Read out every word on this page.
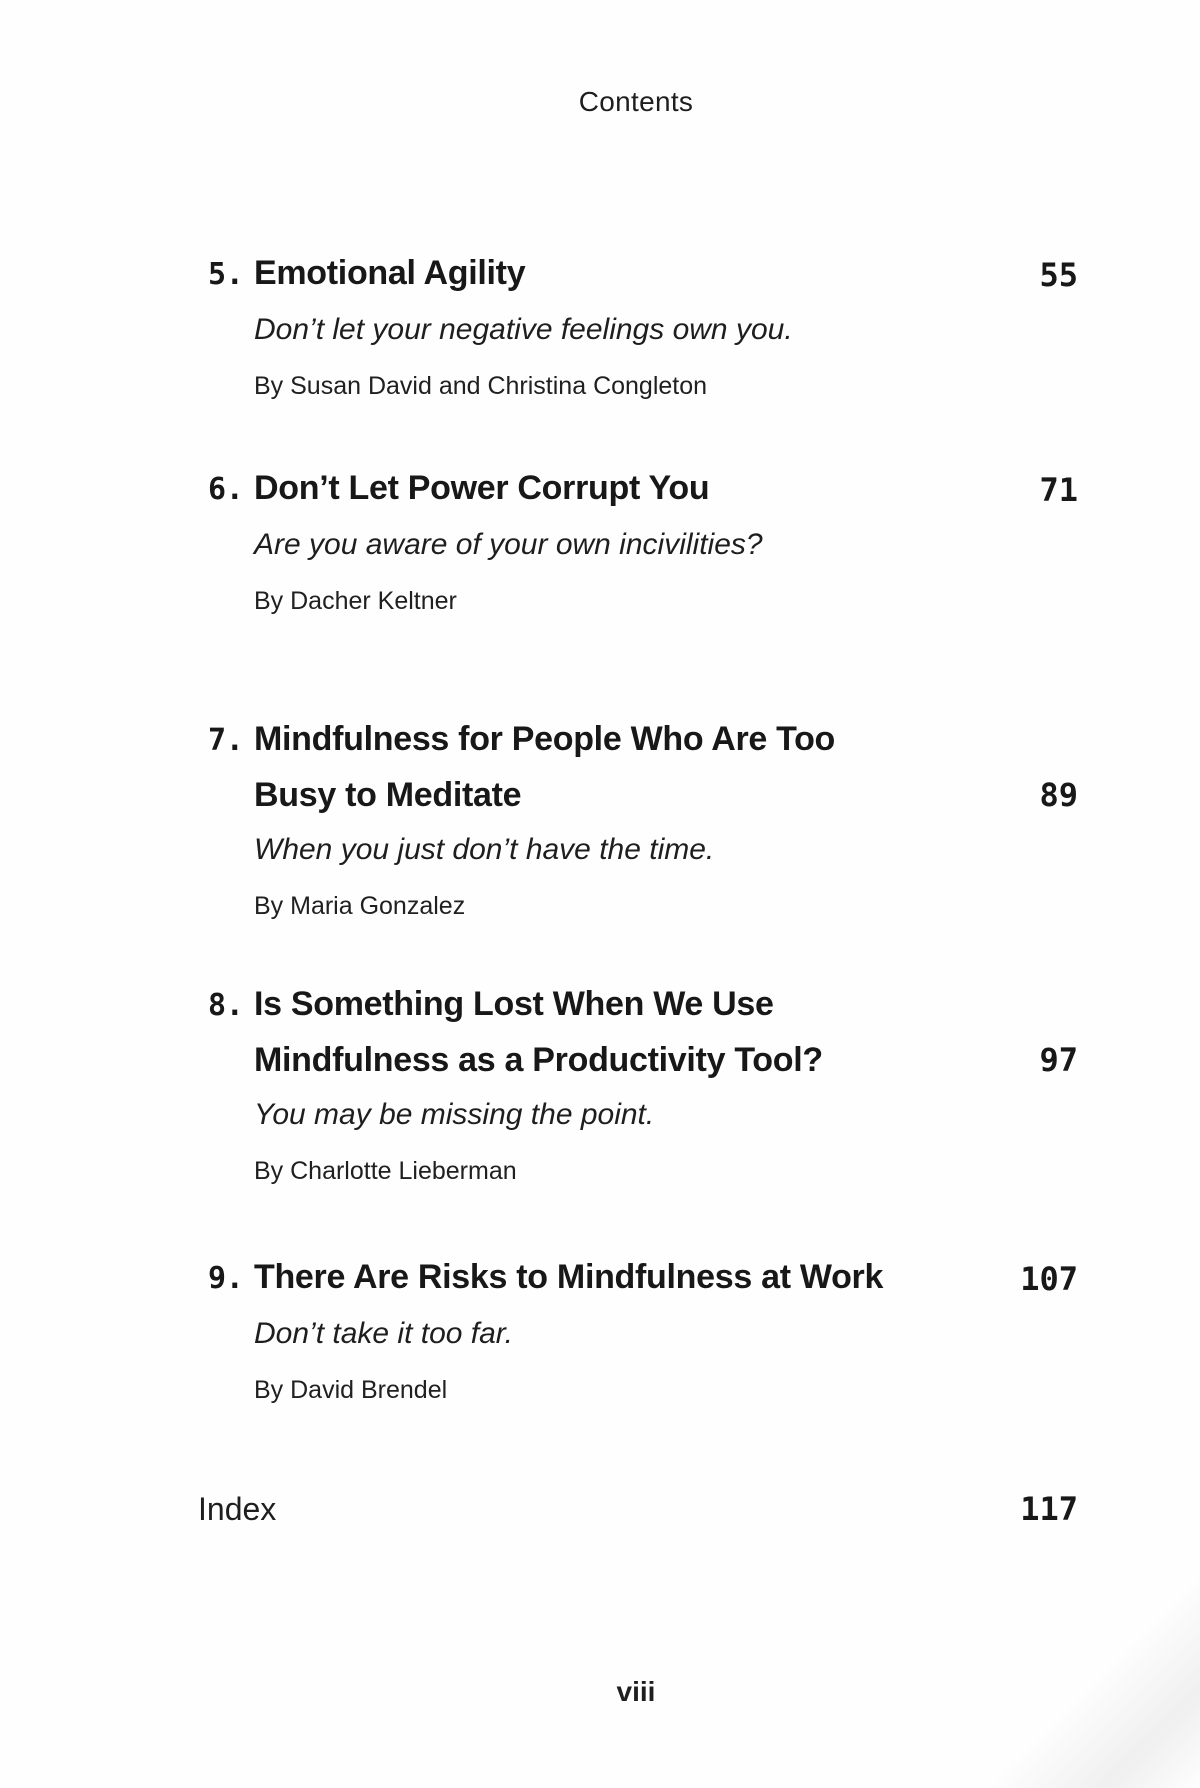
Contents
5. Emotional Agility	55
Don’t let your negative feelings own you.
By Susan David and Christina Congleton
6. Don’t Let Power Corrupt You	71
Are you aware of your own incivilities?
By Dacher Keltner
7. Mindfulness for People Who Are Too
Busy to Meditate	89
When you just don’t have the time.
By Maria Gonzalez
8. Is Something Lost When We Use
Mindfulness as a Productivity Tool?	97
You may be missing the point.
By Charlotte Lieberman
9. There Are Risks to Mindfulness at Work	107
Don’t take it too far.
By David Brendel
Index	117
viii
